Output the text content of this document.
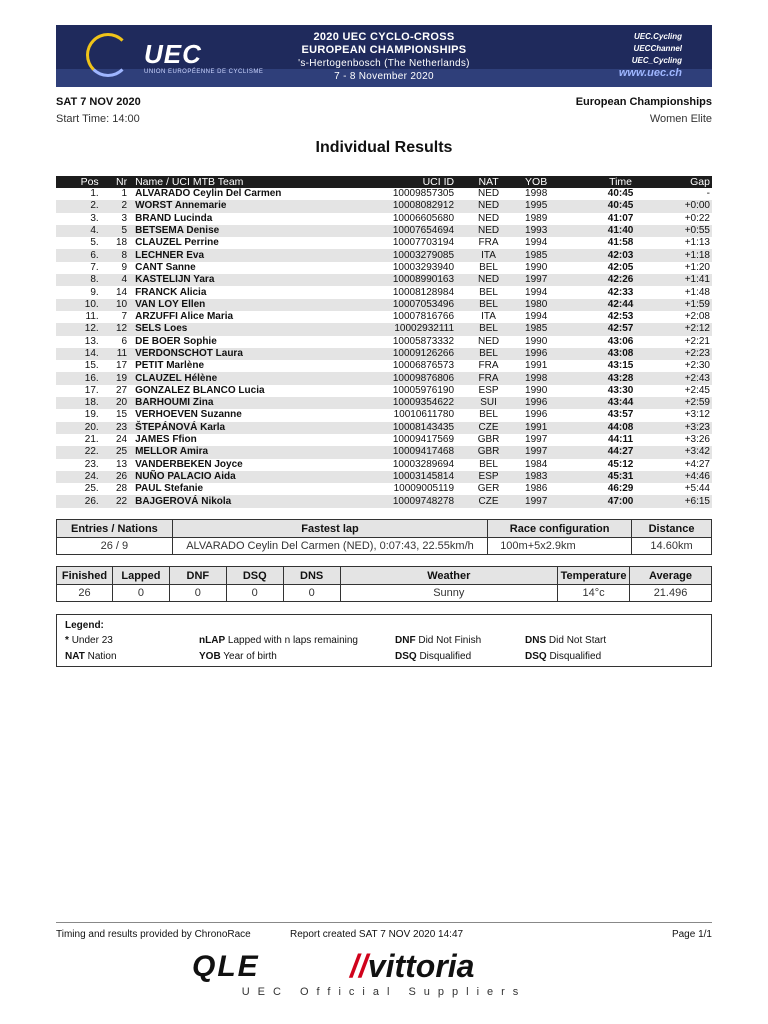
UEC
UNION EUROPÉENNE DE CYCLISME
2020 UEC CYCLO-CROSS
EUROPEAN CHAMPIONSHIPS
's-Hertogenbosch (The Netherlands)
7 - 8 November 2020
UEC.Cycling
UECChannel
UEC_Cycling
www.uec.ch
SAT 7 NOV 2020	European Championships
Start Time: 14:00	Women Elite
Individual Results
Pos	Nr	Name / UCI MTB Team	UCI ID	NAT	YOB	Time	Gap
1.	1	ALVARADO Ceylin Del Carmen	10009857305	NED	1998	40:45	-
2.	2	WORST Annemarie	10008082912	NED	1995	40:45	+0:00
3.	3	BRAND Lucinda	10006605680	NED	1989	41:07	+0:22
4.	5	BETSEMA Denise	10007654694	NED	1993	41:40	+0:55
5.	18	CLAUZEL Perrine	10007703194	FRA	1994	41:58	+1:13
6.	8	LECHNER Eva	10003279085	ITA	1985	42:03	+1:18
7.	9	CANT Sanne	10003293940	BEL	1990	42:05	+1:20
8.	4	KASTELIJN Yara	10008990163	NED	1997	42:26	+1:41
9.	14	FRANCK Alicia	10008128984	BEL	1994	42:33	+1:48
10.	10	VAN LOY Ellen	10007053496	BEL	1980	42:44	+1:59
11.	7	ARZUFFI Alice Maria	10007816766	ITA	1994	42:53	+2:08
12.	12	SELS Loes	10002932111	BEL	1985	42:57	+2:12
13.	6	DE BOER Sophie	10005873332	NED	1990	43:06	+2:21
14.	11	VERDONSCHOT Laura	10009126266	BEL	1996	43:08	+2:23
15.	17	PETIT Marlène	10006876573	FRA	1991	43:15	+2:30
16.	19	CLAUZEL Hélène	10009876806	FRA	1998	43:28	+2:43
17.	27	GONZALEZ BLANCO Lucia	10005976190	ESP	1990	43:30	+2:45
18.	20	BARHOUMI Zina	10009354622	SUI	1996	43:44	+2:59
19.	15	VERHOEVEN Suzanne	10010611780	BEL	1996	43:57	+3:12
20.	23	ŠTEPÁNOVÁ Karla	10008143435	CZE	1991	44:08	+3:23
21.	24	JAMES Ffion	10009417569	GBR	1997	44:11	+3:26
22.	25	MELLOR Amira	10009417468	GBR	1997	44:27	+3:42
23.	13	VANDERBEKEN Joyce	10003289694	BEL	1984	45:12	+4:27
24.	26	NUÑO PALACIO Aida	10003145814	ESP	1983	45:31	+4:46
25.	28	PAUL Stefanie	10009005119	GER	1986	46:29	+5:44
26.	22	BAJGEROVÁ Nikola	10009748278	CZE	1997	47:00	+6:15
Entries / Nations	Fastest lap	Race configuration	Distance
26 / 9	ALVARADO Ceylin Del Carmen (NED), 0:07:43, 22.55km/h	100m+5x2.9km	14.60km
Finished	Lapped	DNF	DSQ	DNS	Weather	Temperature	Average
26	0	0	0	0	Sunny	14°c	21.496
Legend:
* Under 23
NAT Nation
nLAP Lapped with n laps remaining
YOB Year of birth
DNF Did Not Finish
DSQ Disqualified
DNS Did Not Start
DSQ Disqualified
Timing and results provided by ChronoRace	Report created SAT 7 NOV 2020 14:47	Page 1/1
QLE	//vittoria
UEC Official Suppliers
